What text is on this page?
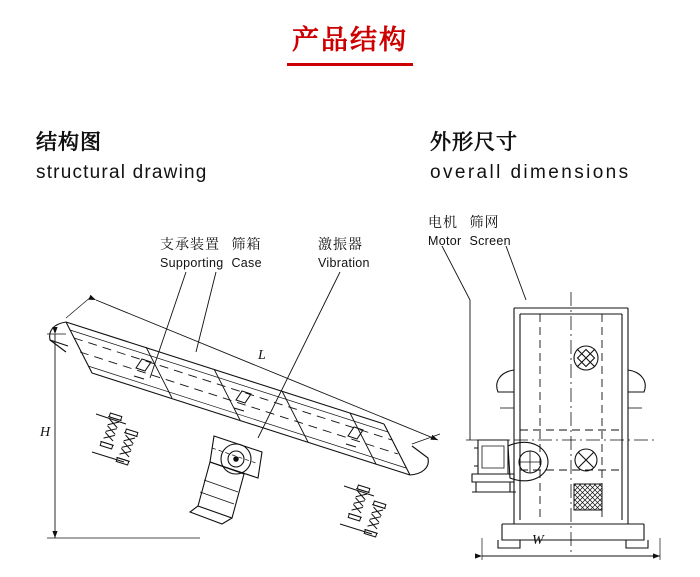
产品结构
结构图
structural drawing
外形尺寸
overall dimensions
支承装置
Supporting
筛箱
Case
激振器
Vibration
电机
Motor
筛网
Screen
H
L
W
